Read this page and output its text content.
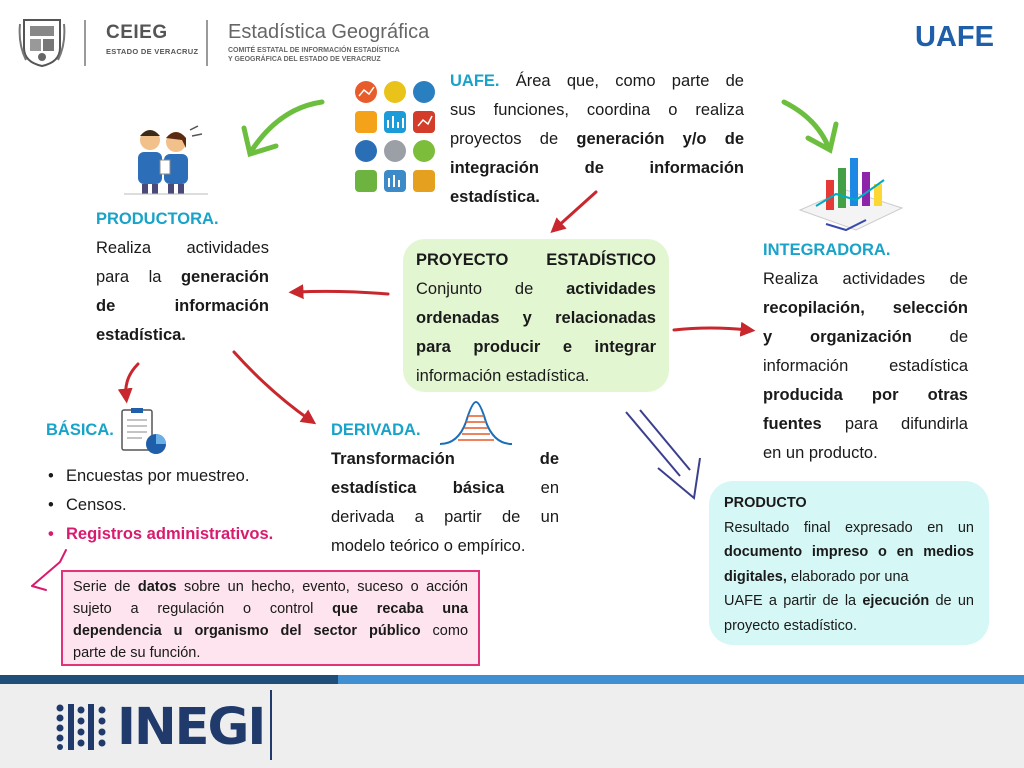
CEIEG
ESTADO DE VERACRUZ
Estadística Geográfica
COMITÉ ESTATAL DE INFORMACIÓN ESTADÍSTICA
Y GEOGRÁFICA DEL ESTADO DE VERACRUZ
UAFE
UAFE. Área que, como parte de
sus funciones, coordina o realiza
proyectos de generación y/o de
integración	de	información
estadística.
PRODUCTORA.
Realiza actividades
para la generación
de	información
estadística.
PROYECTO ESTADÍSTICO
Conjunto de actividades
ordenadas y relacionadas
para producir e integrar
información estadística.
INTEGRADORA.
Realiza actividades de
recopilación, selección
y organización de
información estadística
producida por otras
fuentes para difundirla
en un producto.
BÁSICA.
• Encuestas por muestreo.
• Censos.
• Registros administrativos.
DERIVADA.
Transformación	de
estadística básica en
derivada a partir de un
modelo teórico o empírico.
PRODUCTO
Resultado final expresado en un
documento impreso o en medios
digitales, elaborado por una
UAFE a partir de la ejecución de un
proyecto estadístico.
Serie de datos sobre un hecho, evento, suceso o acción
sujeto a regulación o control que recaba una
dependencia u organismo del sector público como
parte de su función.
INEGI
